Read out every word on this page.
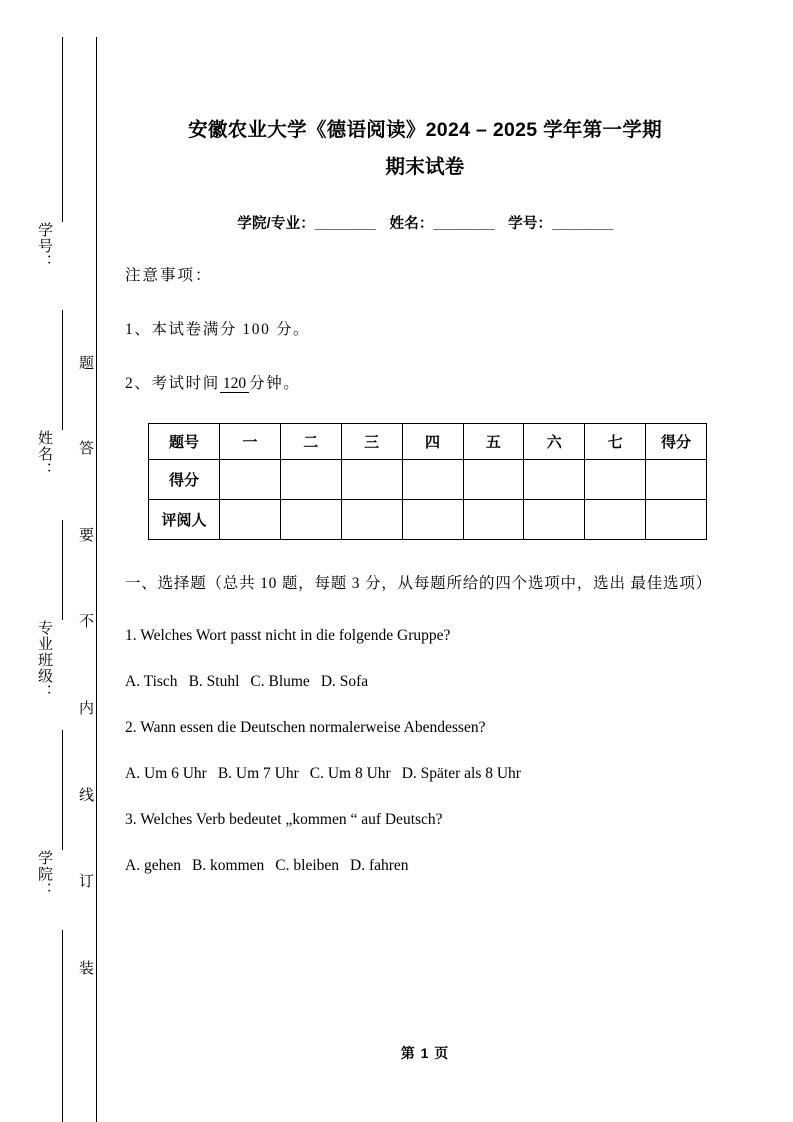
学号：
姓名：
专业班级：
学院：
题
答
要
不
内
线
订
装
安徽农业大学《德语阅读》2024 – 2025 学年第一学期
期末试卷
学院/专业：________ 姓名：________ 学号：________
注意事项：
1、本试卷满分 100 分。
2、考试时间 120 分钟。
题号	一	二	三	四	五	六	七	得分
得分								
评阅人								
一、选择题（总共 10 题，每题 3 分，从每题所给的四个选项中，选出 最佳选项）
1. Welches Wort passt nicht in die folgende Gruppe?
A. Tisch B. Stuhl C. Blume D. Sofa
2. Wann essen die Deutschen normalerweise Abendessen?
A. Um 6 Uhr B. Um 7 Uhr C. Um 8 Uhr D. Später als 8 Uhr
3. Welches Verb bedeutet „kommen “ auf Deutsch?
A. gehen B. kommen C. bleiben D. fahren
第 1 页
